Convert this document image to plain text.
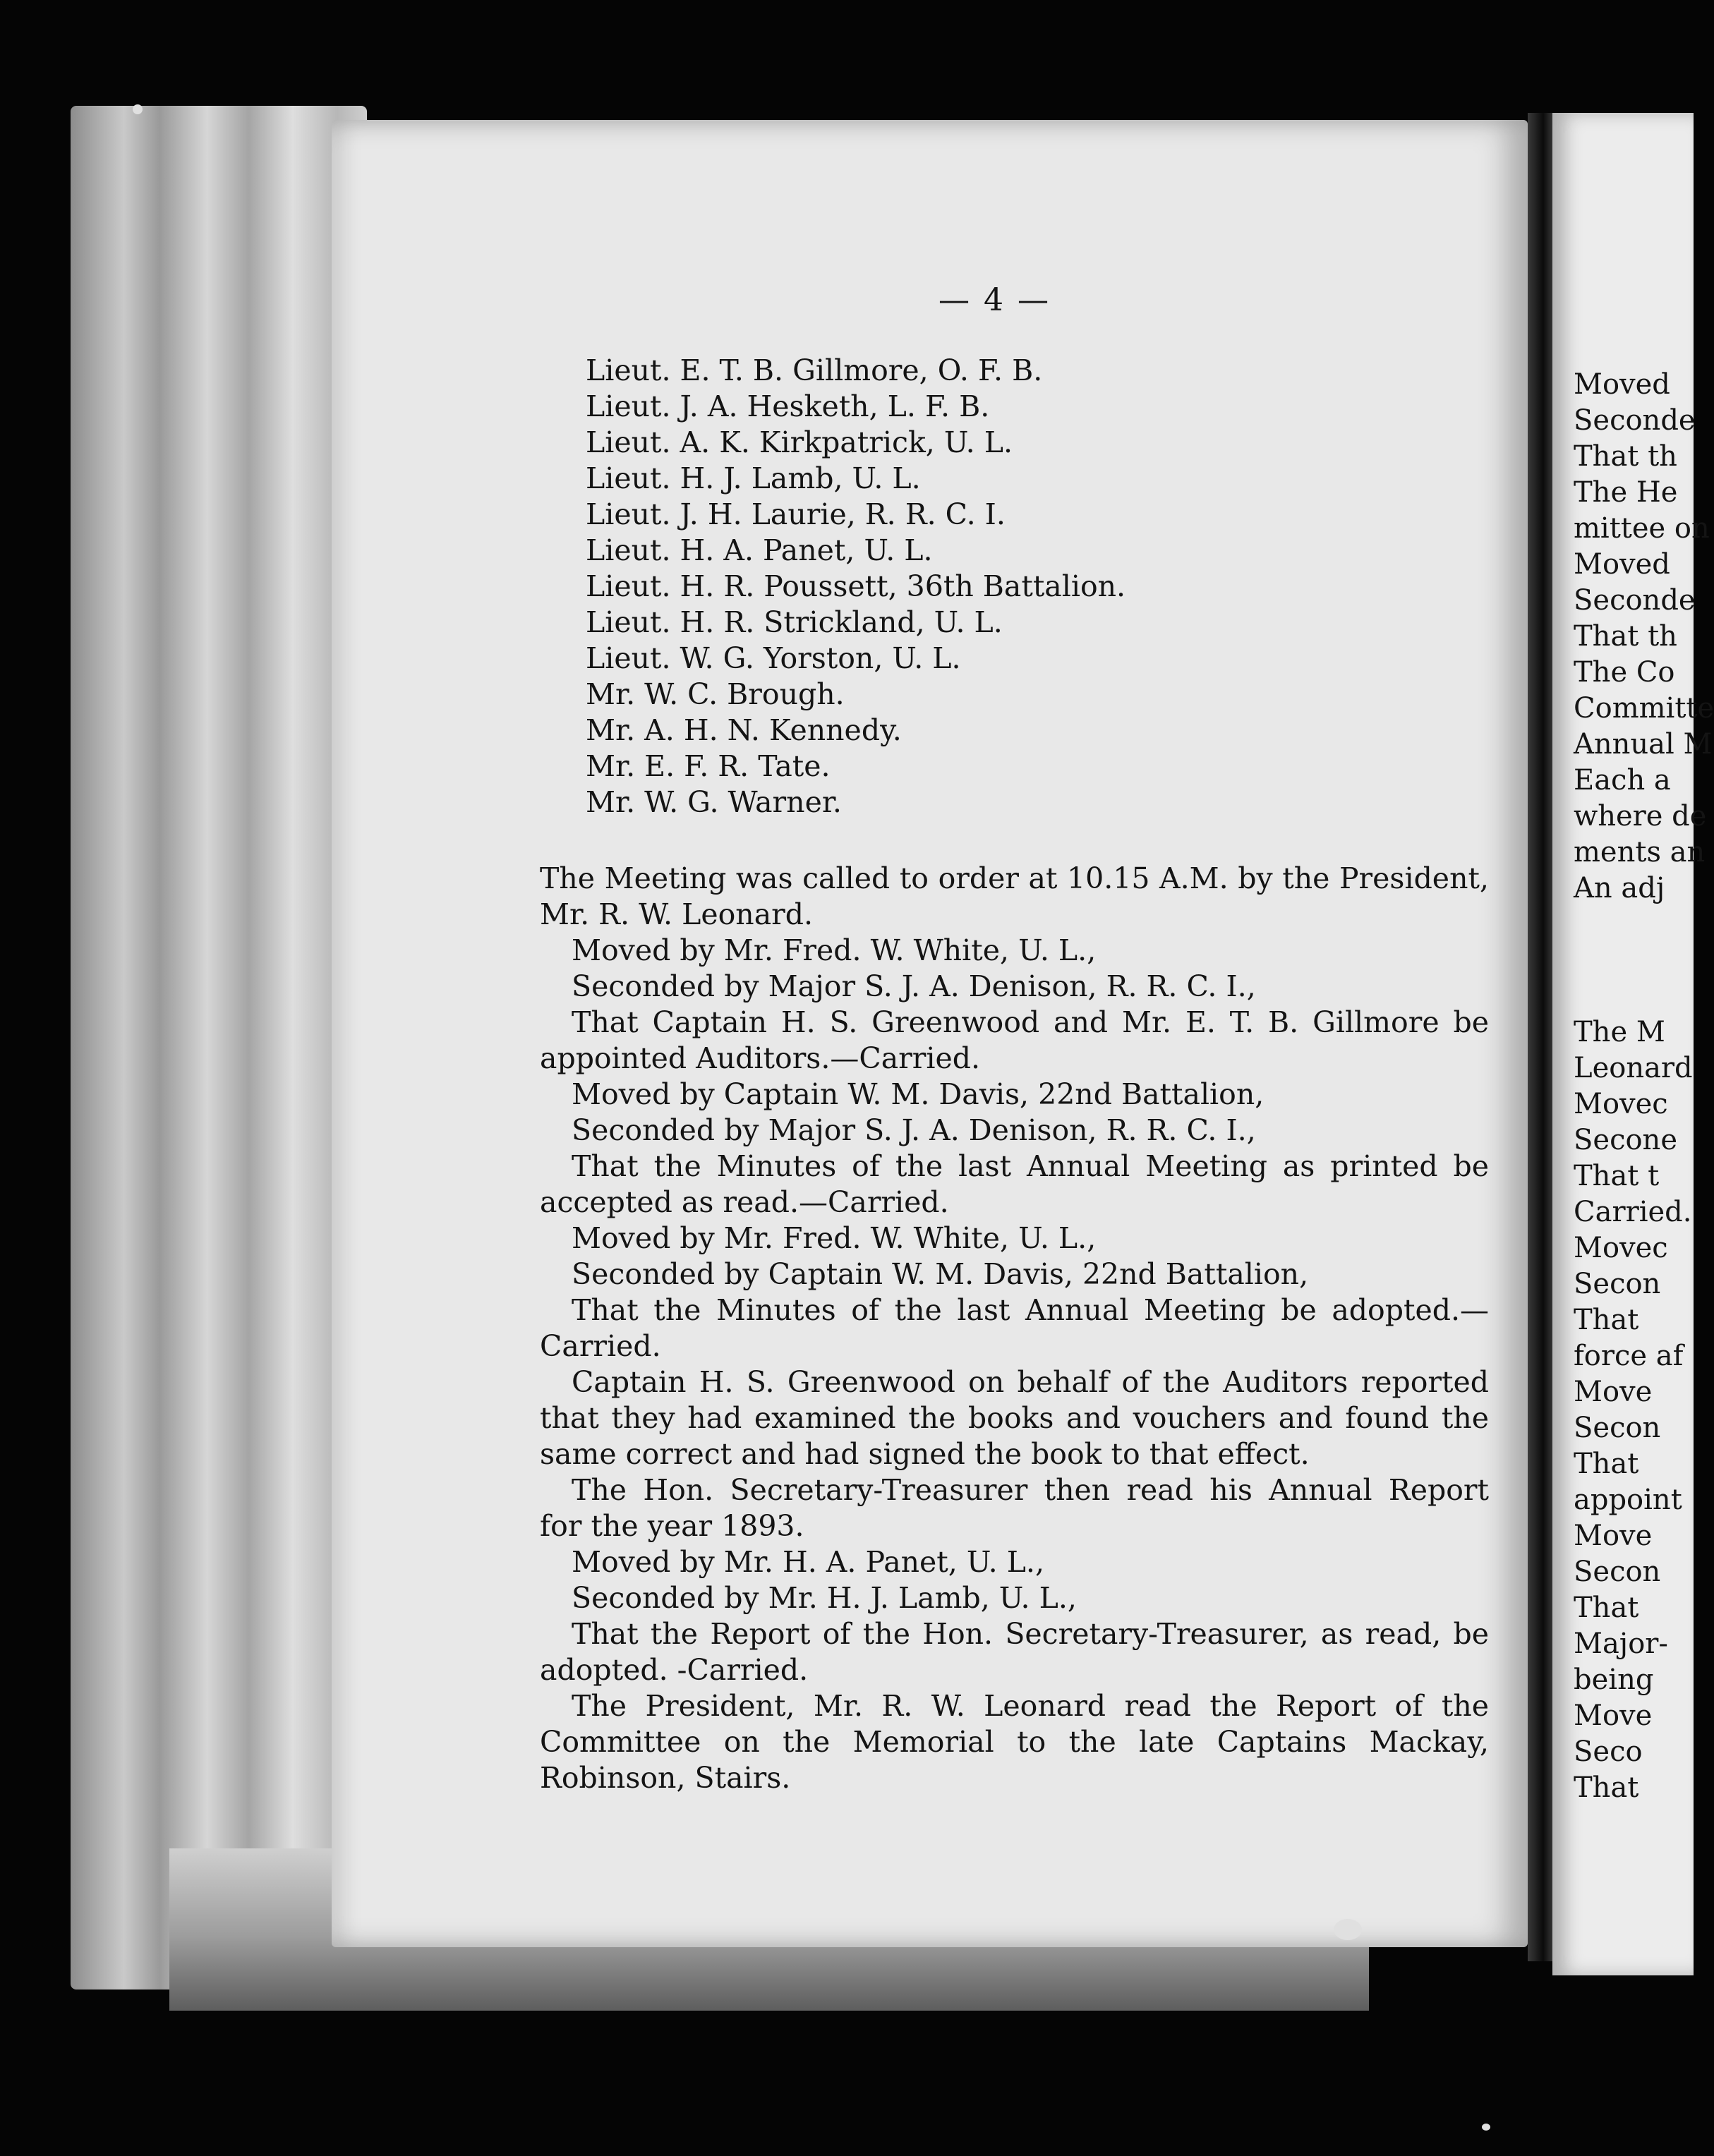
— 4 —
Lieut. E. T. B. Gillmore, O. F. B.
Lieut. J. A. Hesketh, L. F. B.
Lieut. A. K. Kirkpatrick, U. L.
Lieut. H. J. Lamb, U. L.
Lieut. J. H. Laurie, R. R. C. I.
Lieut. H. A. Panet, U. L.
Lieut. H. R. Poussett, 36th Battalion.
Lieut. H. R. Strickland, U. L.
Lieut. W. G. Yorston, U. L.
Mr. W. C. Brough.
Mr. A. H. N. Kennedy.
Mr. E. F. R. Tate.
Mr. W. G. Warner.

The Meeting was called to order at 10.15 A.M. by the President, Mr. R. W. Leonard.

Moved by Mr. Fred. W. White, U. L.,

Seconded by Major S. J. A. Denison, R. R. C. I.,

That Captain H. S. Greenwood and Mr. E. T. B. Gillmore be appointed Auditors.—Carried.

Moved by Captain W. M. Davis, 22nd Battalion,

Seconded by Major S. J. A. Denison, R. R. C. I.,

That the Minutes of the last Annual Meeting as printed be accepted as read.—Carried.

Moved by Mr. Fred. W. White, U. L.,

Seconded by Captain W. M. Davis, 22nd Battalion,

That the Minutes of the last Annual Meeting be adopted.—Carried.

Captain H. S. Greenwood on behalf of the Auditors reported that they had examined the books and vouchers and found the same correct and had signed the book to that effect.

The Hon. Secretary-Treasurer then read his Annual Report for the year 1893.

Moved by Mr. H. A. Panet, U. L.,

Seconded by Mr. H. J. Lamb, U. L.,

That the Report of the Hon. Secretary-Treasurer, as read, be adopted. -Carried.

The President, Mr. R. W. Leonard read the Report of the Committee on the Memorial to the late Captains Mackay, Robinson, Stairs.

Moved
Seconde
That th
The He
mittee on
Moved
Seconde
That th
The Co
Committe
Annual M
Each a
where de
ments an
An adj

The M
Leonard
Movec
Secone
That t
Carried.
Movec
Secon
That
force af
Move
Secon
That
appoint
Move
Secon
That
Major-
being
Move
Seco
That
